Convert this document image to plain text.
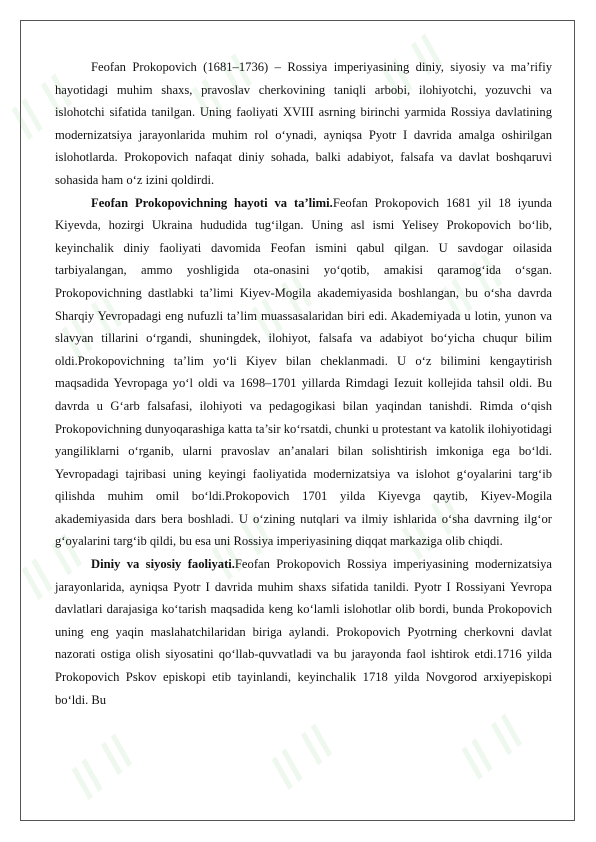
// // // // // //
// // // // // //
// // // // // //
// //	// // // //

Feofan Prokopovich (1681–1736) – Rossiya imperiyasining diniy, siyosiy va ma’rifiy hayotidagi muhim shaxs, pravoslav cherkovining taniqli arbobi, ilohiyotchi, yozuvchi va islohotchi sifatida tanilgan. Uning faoliyati XVIII asrning birinchi yarmida Rossiya davlatining modernizatsiya jarayonlarida muhim rol o‘ynadi, ayniqsa Pyotr I davrida amalga oshirilgan islohotlarda. Prokopovich nafaqat diniy sohada, balki adabiyot, falsafa va davlat boshqaruvi sohasida ham o‘z izini qoldirdi.

Feofan Prokopovichning hayoti va ta’limi.Feofan Prokopovich 1681 yil 18 iyunda Kiyevda, hozirgi Ukraina hududida tug‘ilgan. Uning asl ismi Yelisey Prokopovich bo‘lib, keyinchalik diniy faoliyati davomida Feofan ismini qabul qilgan. U savdogar oilasida tarbiyalangan, ammo yoshligida ota-onasini yo‘qotib, amakisi qaramog‘ida o‘sgan. Prokopovichning dastlabki ta’limi Kiyev-Mogila akademiyasida boshlangan, bu o‘sha davrda Sharqiy Yevropadagi eng nufuzli ta’lim muassasalaridan biri edi. Akademiyada u lotin, yunon va slavyan tillarini o‘rgandi, shuningdek, ilohiyot, falsafa va adabiyot bo‘yicha chuqur bilim oldi.Prokopovichning ta’lim yo‘li Kiyev bilan cheklanmadi. U o‘z bilimini kengaytirish maqsadida Yevropaga yo‘l oldi va 1698–1701 yillarda Rimdagi Iezuit kollejida tahsil oldi. Bu davrda u G‘arb falsafasi, ilohiyoti va pedagogikasi bilan yaqindan tanishdi. Rimda o‘qish Prokopovichning dunyoqarashiga katta ta’sir ko‘rsatdi, chunki u protestant va katolik ilohiyotidagi yangiliklarni o‘rganib, ularni pravoslav an’analari bilan solishtirish imkoniga ega bo‘ldi. Yevropadagi tajribasi uning keyingi faoliyatida modernizatsiya va islohot g‘oyalarini targ‘ib qilishda muhim omil bo‘ldi.Prokopovich 1701 yilda Kiyevga qaytib, Kiyev-Mogila akademiyasida dars bera boshladi. U o‘zining nutqlari va ilmiy ishlarida o‘sha davrning ilg‘or g‘oyalarini targ‘ib qildi, bu esa uni Rossiya imperiyasining diqqat markaziga olib chiqdi.

Diniy va siyosiy faoliyati.Feofan Prokopovich Rossiya imperiyasining modernizatsiya jarayonlarida, ayniqsa Pyotr I davrida muhim shaxs sifatida tanildi. Pyotr I Rossiyani Yevropa davlatlari darajasiga ko‘tarish maqsadida keng ko‘lamli islohotlar olib bordi, bunda Prokopovich uning eng yaqin maslahatchilaridan biriga aylandi. Prokopovich Pyotrning cherkovni davlat nazorati ostiga olish siyosatini qo‘llab-quvvatladi va bu jarayonda faol ishtirok etdi.1716 yilda Prokopovich Pskov episkopi etib tayinlandi, keyinchalik 1718 yilda Novgorod arxiyepiskopi bo‘ldi. Bu
